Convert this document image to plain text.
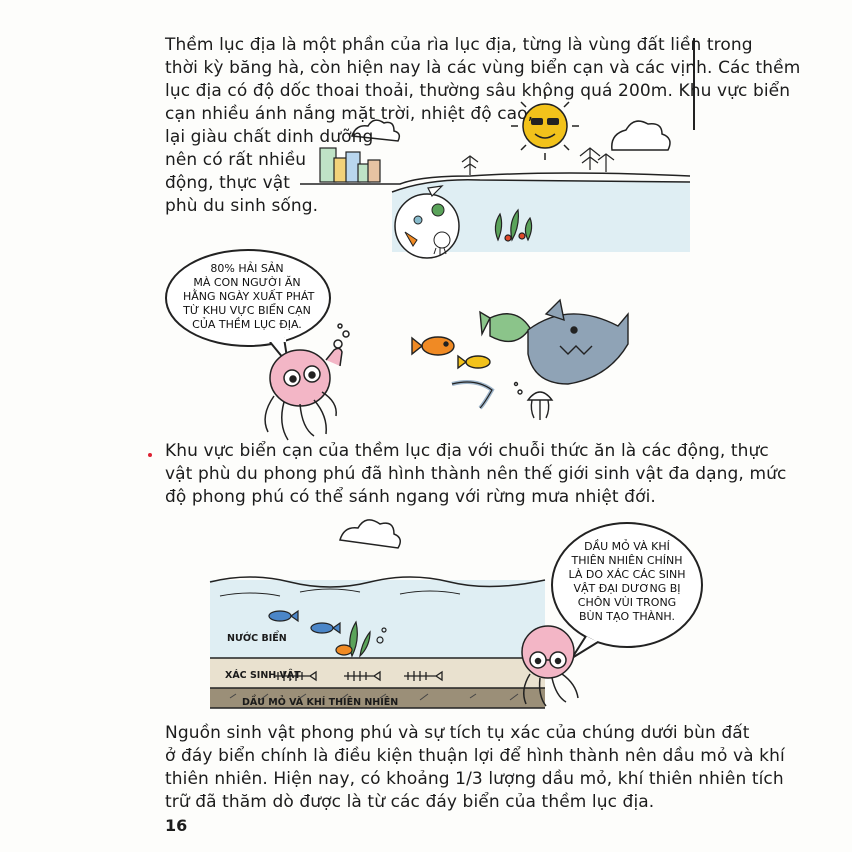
Thềm lục địa là một phần của rìa lục địa, từng là vùng đất liền trong
thời kỳ băng hà, còn hiện nay là các vùng biển cạn và các vịnh. Các thềm
lục địa có độ dốc thoai thoải, thường sâu không quá 200m. Khu vực biển
cạn nhiều ánh nắng mặt trời, nhiệt độ cao,
lại giàu chất dinh dưỡng
nên có rất nhiều
động, thực vật
phù du sinh sống.

80% HẢI SẢN
MÀ CON NGƯỜI ĂN
HẰNG NGÀY XUẤT PHÁT
TỪ KHU VỰC BIỂN CẠN
CỦA THỀM LỤC ĐỊA.

Khu vực biển cạn của thềm lục địa với chuỗi thức ăn là các động, thực
vật phù du phong phú đã hình thành nên thế giới sinh vật đa dạng, mức
độ phong phú có thể sánh ngang với rừng mưa nhiệt đới.

NƯỚC BIỂN
XÁC SINH VẬT
DẦU MỎ VÀ KHÍ THIÊN NHIÊN
DẦU MỎ VÀ KHÍ
THIÊN NHIÊN CHÍNH
LÀ DO XÁC CÁC SINH
VẬT ĐẠI DƯƠNG BỊ
CHÔN VÙI TRONG
BÙN TẠO THÀNH.

Nguồn sinh vật phong phú và sự tích tụ xác của chúng dưới bùn đất
ở đáy biển chính là điều kiện thuận lợi để hình thành nên dầu mỏ và khí
thiên nhiên. Hiện nay, có khoảng 1/3 lượng dầu mỏ, khí thiên nhiên tích
trữ đã thăm dò được là từ các đáy biển của thềm lục địa.

16
